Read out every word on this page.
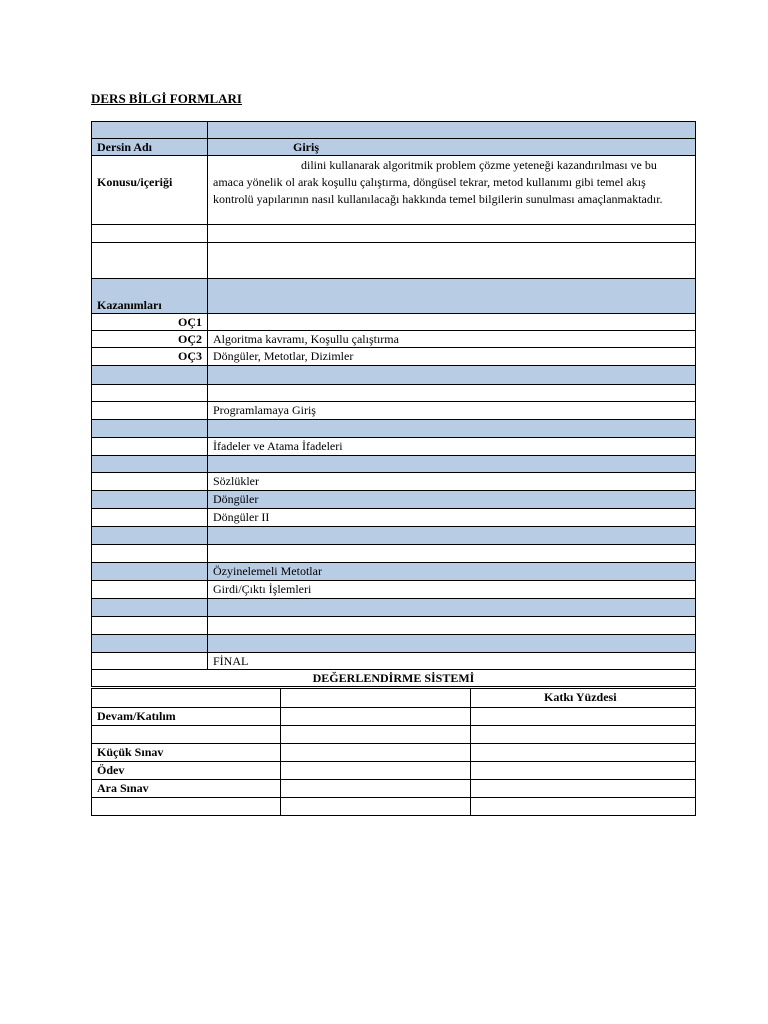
DERS BİLGİ FORMLARI

Dersin Adı	Giriş
Konusu/içeriği	dilini kullanarak algoritmik problem çözme yeteneği kazandırılması ve bu
amaca yönelik ol arak koşullu çalıştırma, döngüsel tekrar, metod kullanımı gibi temel akış
kontrolü yapılarının nasıl kullanılacağı hakkında temel bilgilerin sunulması amaçlanmaktadır.

Kazanımları	
OÇ1	
OÇ2	Algoritma kavramı, Koşullu çalıştırma
OÇ3	Döngüler, Metotlar, Dizimler

	Programlamaya Giriş

	İfadeler ve Atama İfadeleri

	Sözlükler
	Döngüler
	Döngüler II

	Özyinelemeli Metotlar
	Girdi/Çıktı İşlemleri

	FİNAL
DEĞERLENDİRME SİSTEMİ	
		Katkı Yüzdesi
Devam/Katılım		

Küçük Sınav		
Ödev		
Ara Sınav		
